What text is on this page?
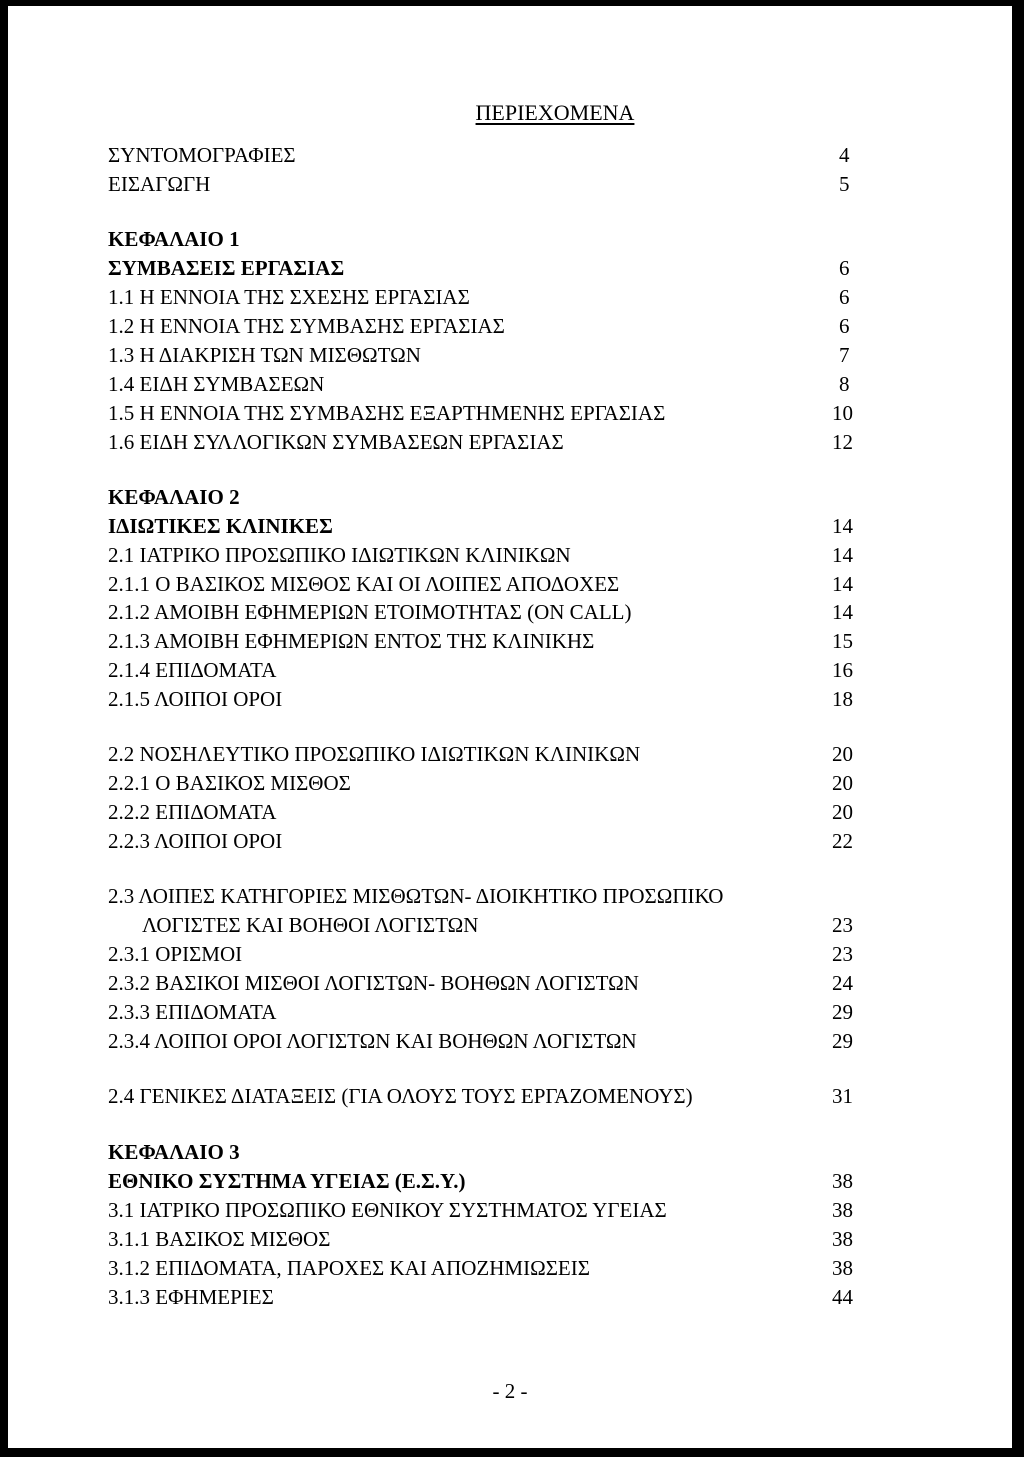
ΠΕΡΙΕΧΟΜΕΝΑ
ΣΥΝΤΟΜΟΓΡΑΦΙΕΣ	4
ΕΙΣΑΓΩΓΗ	5
ΚΕΦΑΛΑΙΟ 1
ΣΥΜΒΑΣΕΙΣ ΕΡΓΑΣΙΑΣ	6
1.1 Η ΕΝΝΟΙΑ ΤΗΣ ΣΧΕΣΗΣ ΕΡΓΑΣΙΑΣ	6
1.2 Η ΕΝΝΟΙΑ ΤΗΣ ΣΥΜΒΑΣΗΣ ΕΡΓΑΣΙΑΣ	6
1.3 Η ΔΙΑΚΡΙΣΗ ΤΩΝ ΜΙΣΘΩΤΩΝ	7
1.4 ΕΙΔΗ ΣΥΜΒΑΣΕΩΝ	8
1.5 Η ΕΝΝΟΙΑ ΤΗΣ ΣΥΜΒΑΣΗΣ ΕΞΑΡΤΗΜΕΝΗΣ ΕΡΓΑΣΙΑΣ	10
1.6 ΕΙΔΗ ΣΥΛΛΟΓΙΚΩΝ ΣΥΜΒΑΣΕΩΝ ΕΡΓΑΣΙΑΣ	12
ΚΕΦΑΛΑΙΟ 2
ΙΔΙΩΤΙΚΕΣ ΚΛΙΝΙΚΕΣ	14
2.1 ΙΑΤΡΙΚΟ ΠΡΟΣΩΠΙΚΟ ΙΔΙΩΤΙΚΩΝ ΚΛΙΝΙΚΩΝ	14
2.1.1 Ο ΒΑΣΙΚΟΣ ΜΙΣΘΟΣ ΚΑΙ ΟΙ ΛΟΙΠΕΣ ΑΠΟΔΟΧΕΣ	14
2.1.2 ΑΜΟΙΒΗ ΕΦΗΜΕΡΙΩΝ ΕΤΟΙΜΟΤΗΤΑΣ (ON CALL)	14
2.1.3 ΑΜΟΙΒΗ ΕΦΗΜΕΡΙΩΝ ΕΝΤΟΣ ΤΗΣ ΚΛΙΝΙΚΗΣ	15
2.1.4 ΕΠΙΔΟΜΑΤΑ	16
2.1.5 ΛΟΙΠΟΙ ΟΡΟΙ	18
2.2 ΝΟΣΗΛΕΥΤΙΚΟ ΠΡΟΣΩΠΙΚΟ ΙΔΙΩΤΙΚΩΝ ΚΛΙΝΙΚΩΝ	20
2.2.1 Ο ΒΑΣΙΚΟΣ ΜΙΣΘΟΣ	20
2.2.2 ΕΠΙΔΟΜΑΤΑ	20
2.2.3 ΛΟΙΠΟΙ ΟΡΟΙ	22
2.3 ΛΟΙΠΕΣ ΚΑΤΗΓΟΡΙΕΣ ΜΙΣΘΩΤΩΝ- ΔΙΟΙΚΗΤΙΚΟ ΠΡΟΣΩΠΙΚΟ
ΛΟΓΙΣΤΕΣ ΚΑΙ ΒΟΗΘΟΙ ΛΟΓΙΣΤΩΝ	23
2.3.1 ΟΡΙΣΜΟΙ	23
2.3.2 ΒΑΣΙΚΟΙ ΜΙΣΘΟΙ ΛΟΓΙΣΤΩΝ- ΒΟΗΘΩΝ ΛΟΓΙΣΤΩΝ	24
2.3.3 ΕΠΙΔΟΜΑΤΑ	29
2.3.4 ΛΟΙΠΟΙ ΟΡΟΙ ΛΟΓΙΣΤΩΝ ΚΑΙ ΒΟΗΘΩΝ ΛΟΓΙΣΤΩΝ	29
2.4 ΓΕΝΙΚΕΣ ΔΙΑΤΑΞΕΙΣ (ΓΙΑ ΟΛΟΥΣ ΤΟΥΣ ΕΡΓΑΖΟΜΕΝΟΥΣ)	31
ΚΕΦΑΛΑΙΟ 3
ΕΘΝΙΚΟ ΣΥΣΤΗΜΑ ΥΓΕΙΑΣ (Ε.Σ.Υ.)	38
3.1 ΙΑΤΡΙΚΟ ΠΡΟΣΩΠΙΚΟ ΕΘΝΙΚΟΥ ΣΥΣΤΗΜΑΤΟΣ ΥΓΕΙΑΣ	38
3.1.1 ΒΑΣΙΚΟΣ ΜΙΣΘΟΣ	38
3.1.2 ΕΠΙΔΟΜΑΤΑ, ΠΑΡΟΧΕΣ ΚΑΙ ΑΠΟΖΗΜΙΩΣΕΙΣ	38
3.1.3 ΕΦΗΜΕΡΙΕΣ	44
- 2 -
